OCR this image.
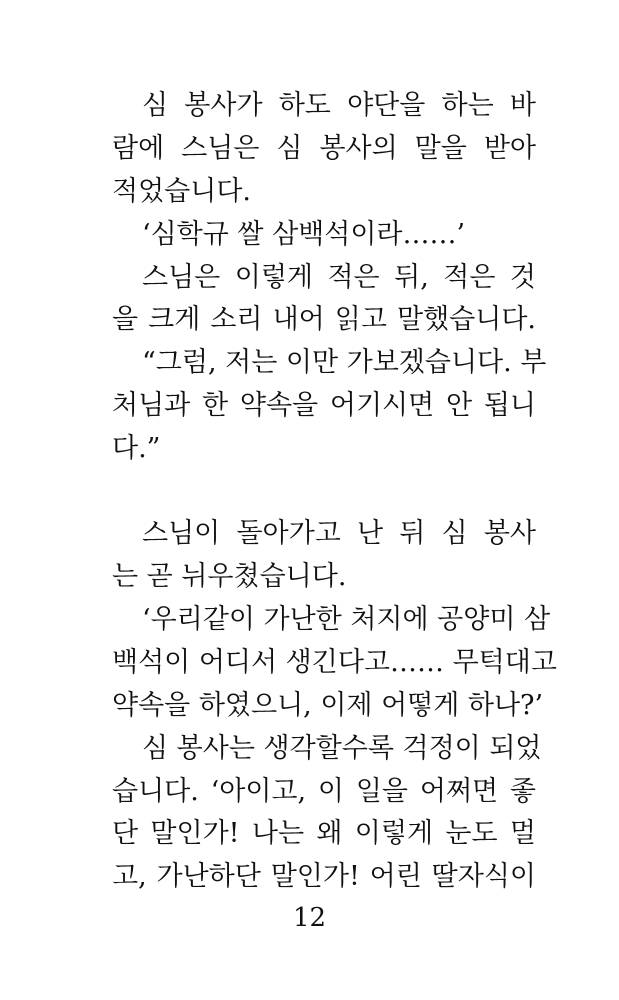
심 봉사가 하도 야단을 하는 바
람에 스님은 심 봉사의 말을 받아
적었습니다.
‘심학규 쌀 삼백석이라……’
스님은 이렇게 적은 뒤, 적은 것
을 크게 소리 내어 읽고 말했습니다.
“그럼, 저는 이만 가보겠습니다. 부
처님과 한 약속을 어기시면 안 됩니
다.”
스님이 돌아가고 난 뒤 심 봉사
는 곧 뉘우쳤습니다.
‘우리같이 가난한 처지에 공양미 삼
백석이 어디서 생긴다고…… 무턱대고
약속을 하였으니, 이제 어떻게 하나?’
심 봉사는 생각할수록 걱정이 되었
습니다. ‘아이고, 이 일을 어쩌면 좋
단 말인가! 나는 왜 이렇게 눈도 멀
고, 가난하단 말인가! 어린 딸자식이
12
